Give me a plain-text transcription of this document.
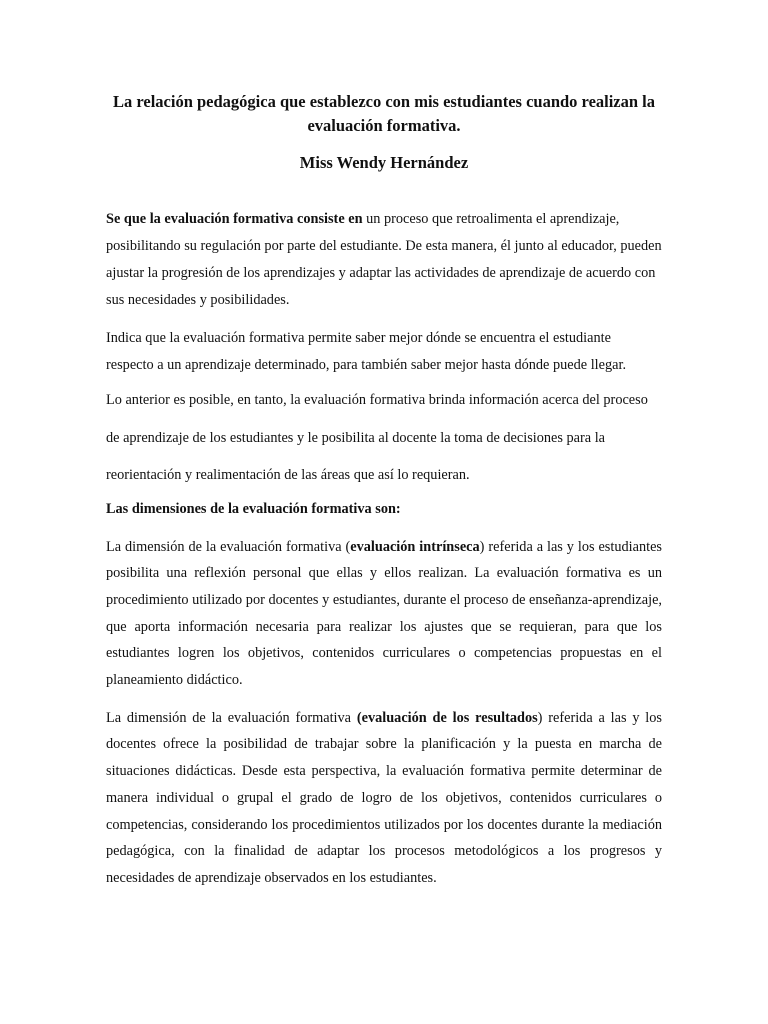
La relación pedagógica que establezco con mis estudiantes cuando realizan la evaluación formativa.
Miss Wendy Hernández

Se que la evaluación formativa consiste en un proceso que retroalimenta el aprendizaje, posibilitando su regulación por parte del estudiante. De esta manera, él junto al educador, pueden ajustar la progresión de los aprendizajes y adaptar las actividades de aprendizaje de acuerdo con sus necesidades y posibilidades.

Indica que la evaluación formativa permite saber mejor dónde se encuentra el estudiante respecto a un aprendizaje determinado, para también saber mejor hasta dónde puede llegar.

Lo anterior es posible, en tanto, la evaluación formativa brinda información acerca del proceso de aprendizaje de los estudiantes y le posibilita al docente la toma de decisiones para la reorientación y realimentación de las áreas que así lo requieran.

Las dimensiones de la evaluación formativa son:

La dimensión de la evaluación formativa (evaluación intrínseca) referida a las y los estudiantes posibilita una reflexión personal que ellas y ellos realizan. La evaluación formativa es un procedimiento utilizado por docentes y estudiantes, durante el proceso de enseñanza-aprendizaje, que aporta información necesaria para realizar los ajustes que se requieran, para que los estudiantes logren los objetivos, contenidos curriculares o competencias propuestas en el planeamiento didáctico.

La dimensión de la evaluación formativa (evaluación de los resultados) referida a las y los docentes ofrece la posibilidad de trabajar sobre la planificación y la puesta en marcha de situaciones didácticas. Desde esta perspectiva, la evaluación formativa permite determinar de manera individual o grupal el grado de logro de los objetivos, contenidos curriculares o competencias, considerando los procedimientos utilizados por los docentes durante la mediación pedagógica, con la finalidad de adaptar los procesos metodológicos a los progresos y necesidades de aprendizaje observados en los estudiantes.
